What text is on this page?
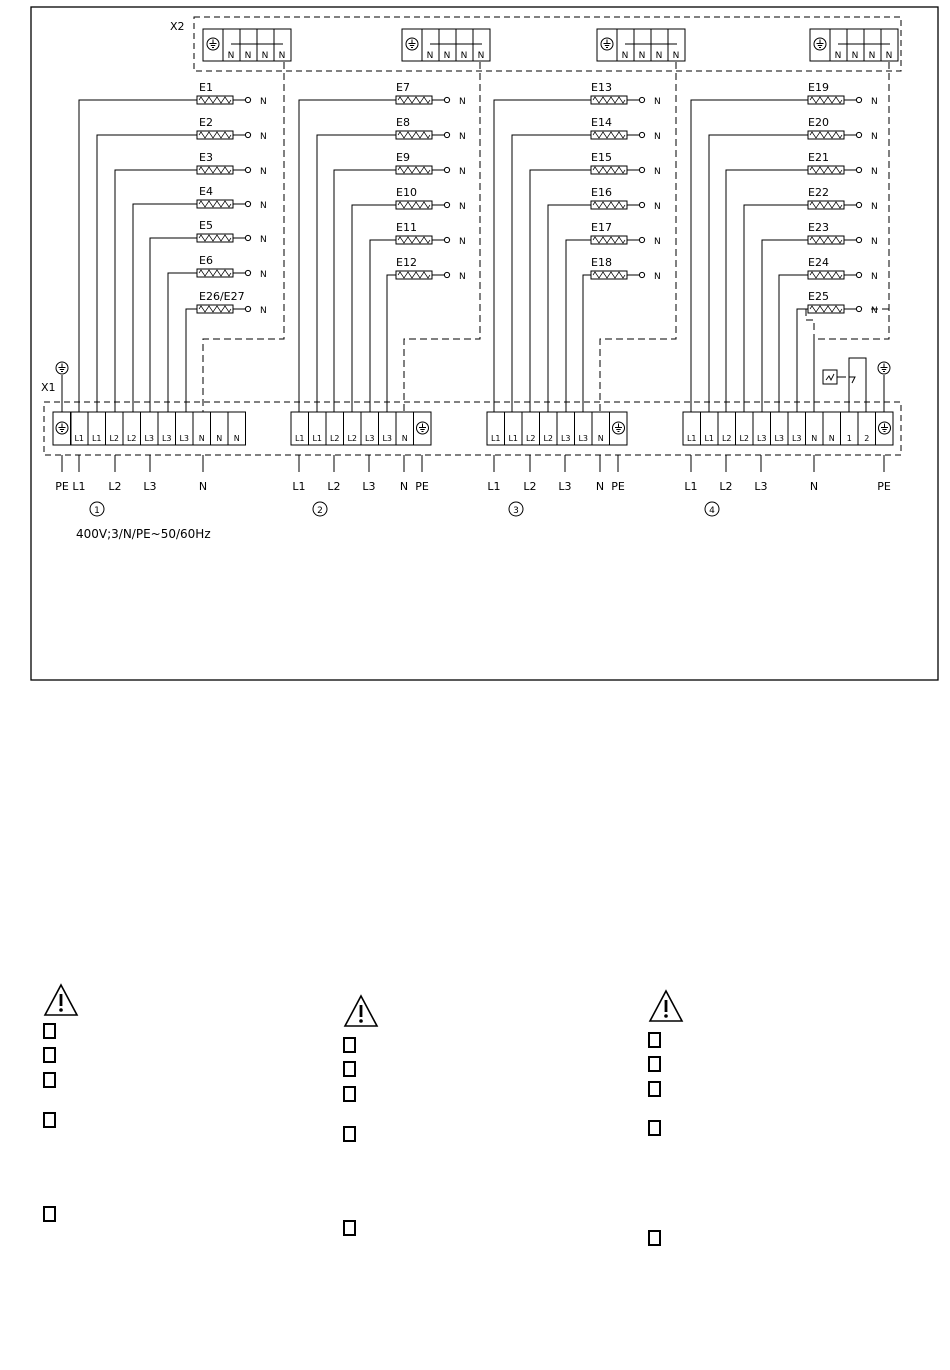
X2
N N N N	N N N N	N N N N	N N N N
X1
N
E1
N
E2
N
E3
N
E4
N
E5
N
E6
N
E26/E27
N
E7
N
E8
N
E9
N
E10
N
E11
N
E12
N
E13
N
E14
N
E15
N
E16
N
E17
N
E18
N
E19
N
E20
N
E21
N
E22
N
E23
N
E24
N
E25
L1 L1 L2 L2 L3 L3 L3 N N N	L1 L1 L2 L2 L3 L3 N	L1 L1 L2 L2 L3 L3 N	L1 L1 L2 L2 L3 L3 L3 N N 1 2
PE L1 L2 L3	N	L1 L2 L3 N PE	L1 L2 L3 N PE	L1 L2 L3	N	PE
1	2	3	4
400V;3/N/PE~50/60Hz
